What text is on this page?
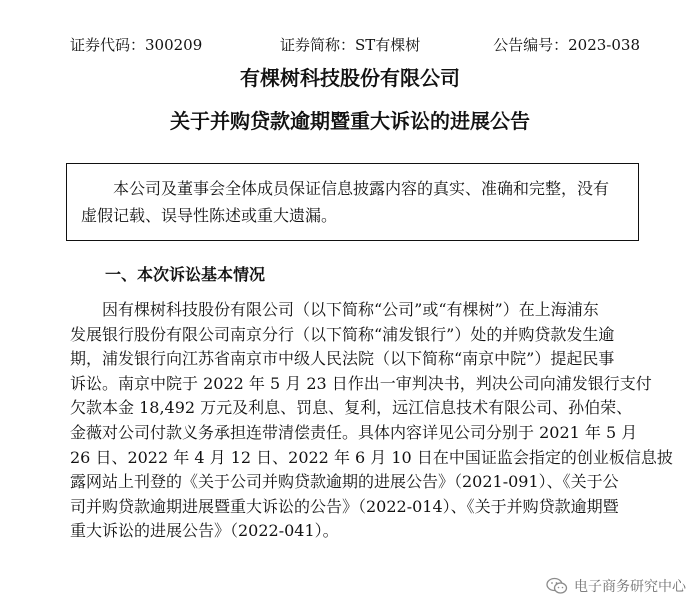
证券代码：300209	证券简称：ST有棵树	公告编号：2023-038
有棵树科技股份有限公司
关于并购贷款逾期暨重大诉讼的进展公告
本公司及董事会全体成员保证信息披露内容的真实、准确和完整，没有虚假记载、误导性陈述或重大遗漏。
一、本次诉讼基本情况
因有棵树科技股份有限公司（以下简称“公司”或“有棵树”）在上海浦东
发展银行股份有限公司南京分行（以下简称“浦发银行”）处的并购贷款发生逾
期，浦发银行向江苏省南京市中级人民法院（以下简称“南京中院”）提起民事
诉讼。南京中院于 2022 年 5 月 23 日作出一审判决书，判决公司向浦发银行支付
欠款本金 18,492 万元及利息、罚息、复利，远江信息技术有限公司、孙伯荣、
金薇对公司付款义务承担连带清偿责任。具体内容详见公司分别于 2021 年 5 月
26 日、2022 年 4 月 12 日、2022 年 6 月 10 日在中国证监会指定的创业板信息披
露网站上刊登的《关于公司并购贷款逾期的进展公告》（2021-091）、《关于公
司并购贷款逾期进展暨重大诉讼的公告》（2022-014）、《关于并购贷款逾期暨
重大诉讼的进展公告》（2022-041）。
电子商务研究中心
